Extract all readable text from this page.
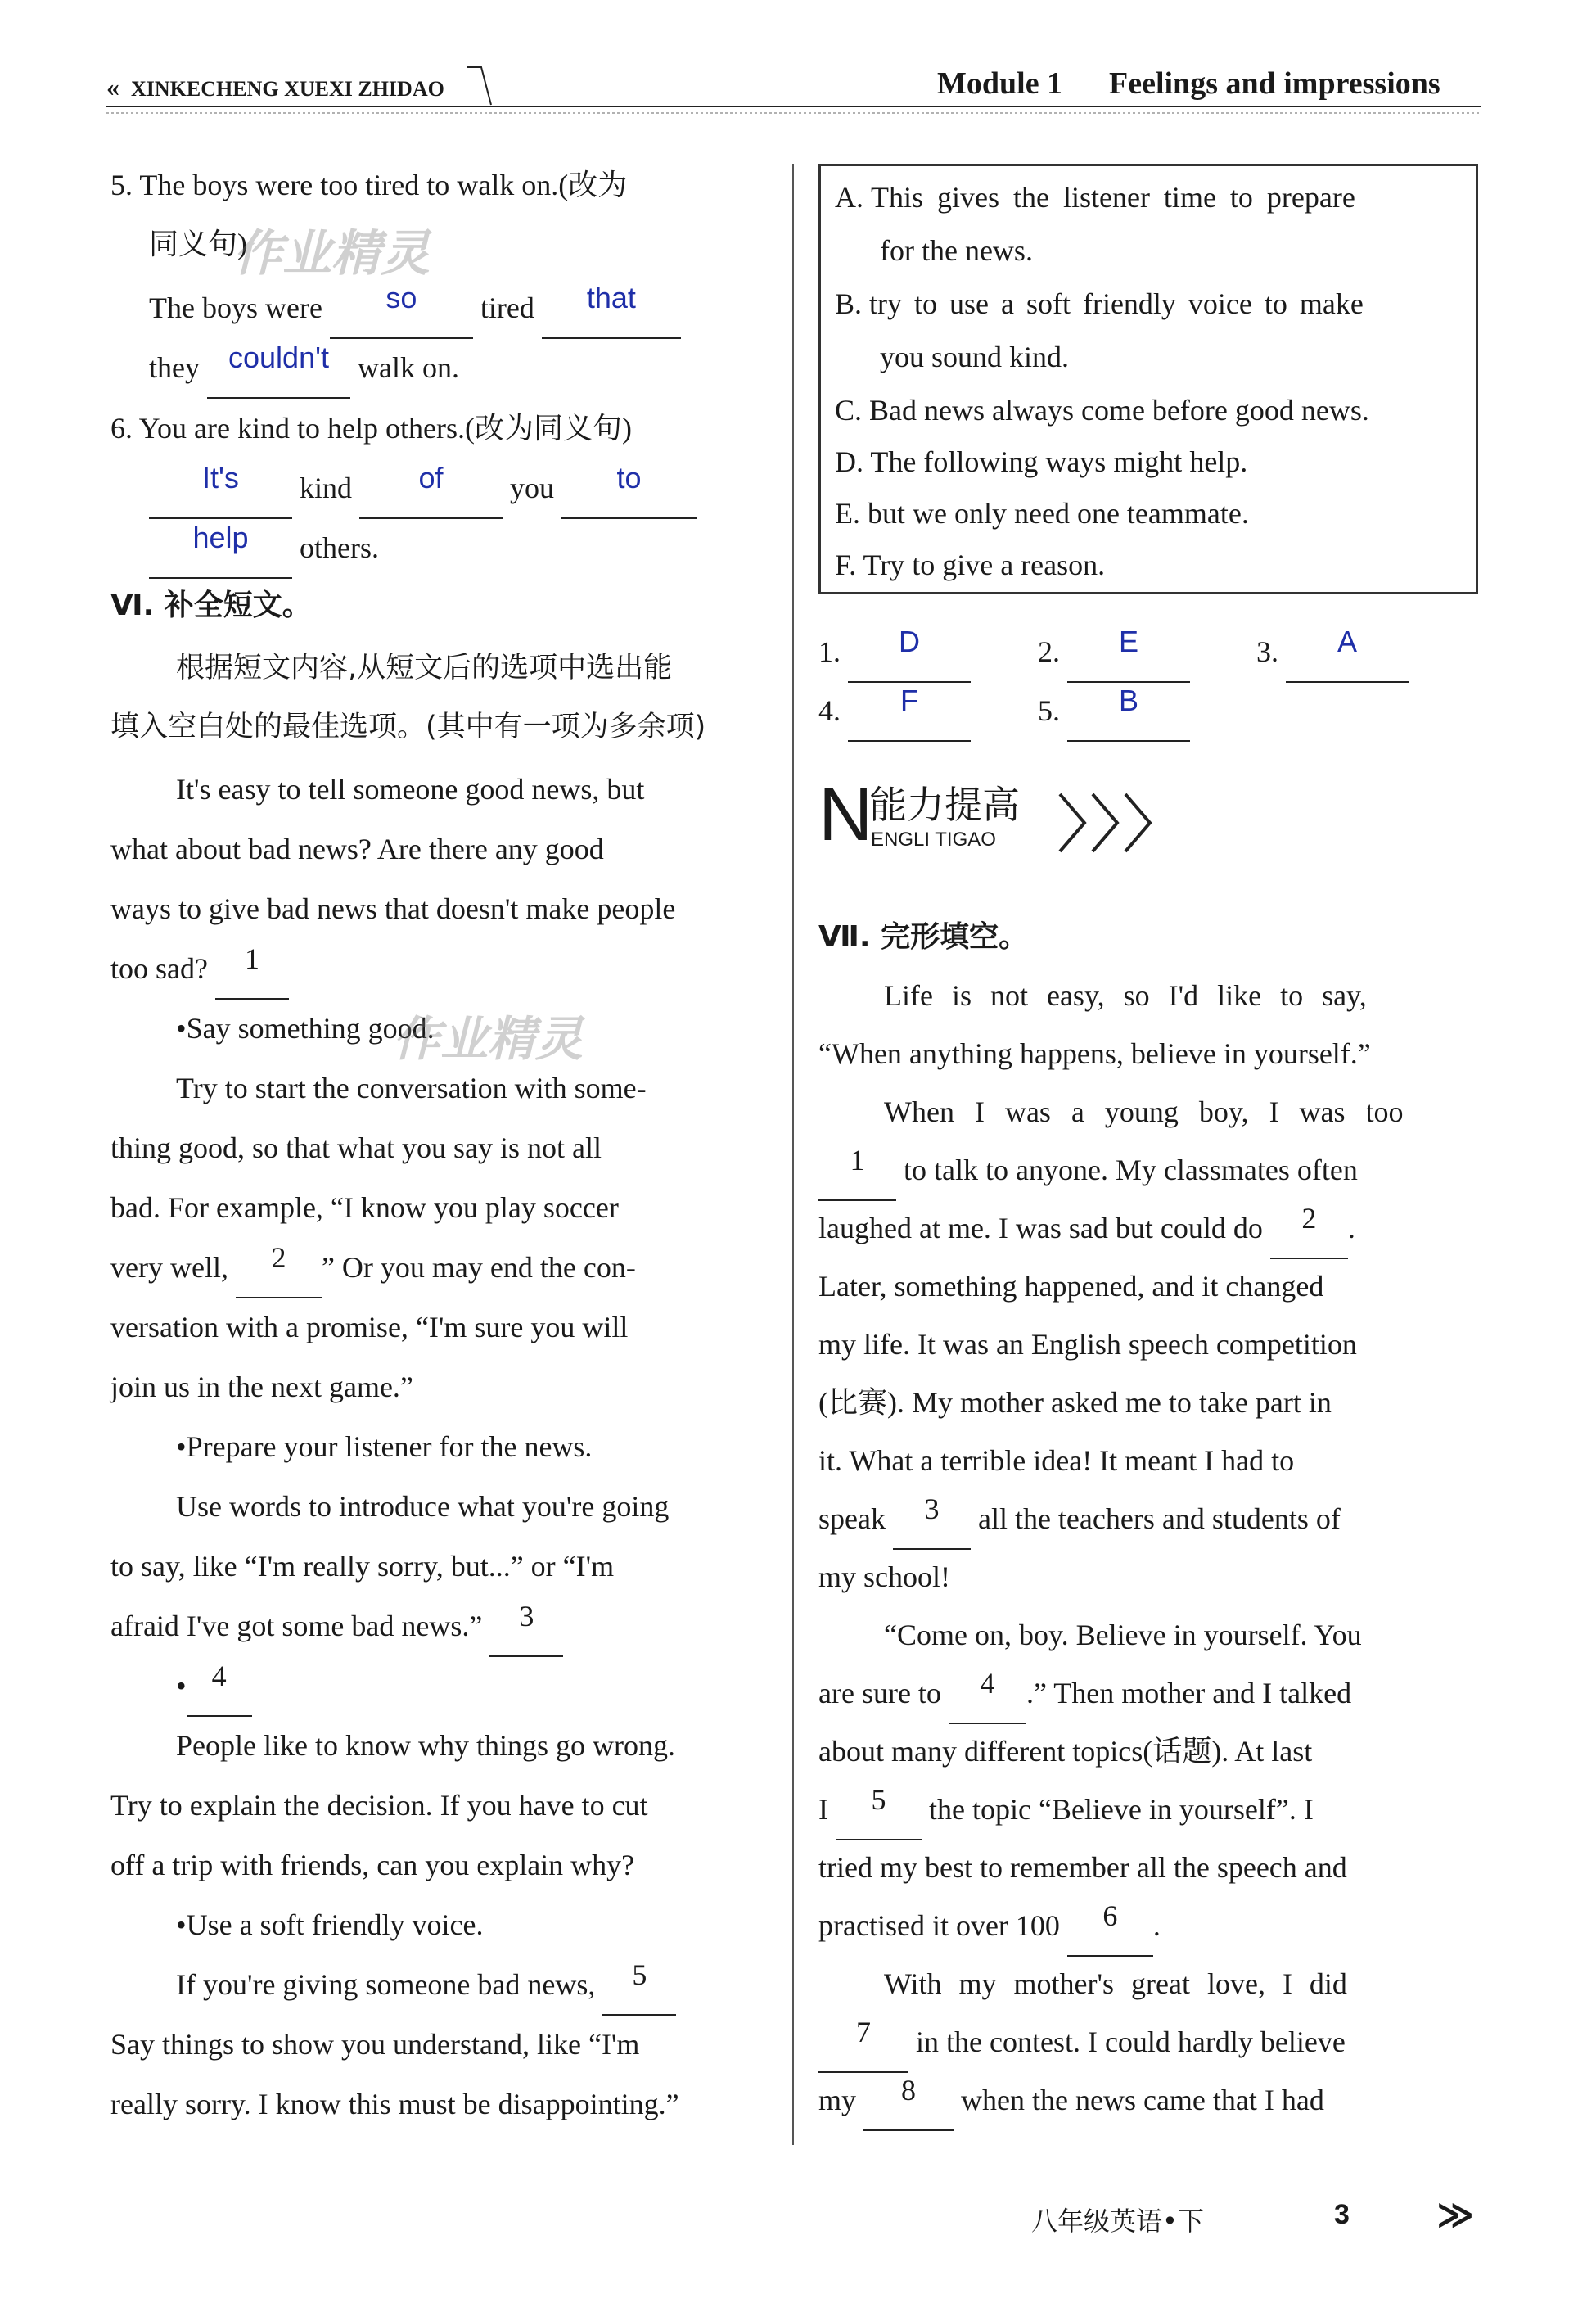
« XINKECHENG XUEXI ZHIDAO	Module 1 Feelings and impressions
5. The boys were too tired to walk on.(改为
同义句)
作业精灵
The boys were so tired that
they couldn't walk on.
6. You are kind to help others.(改为同义句)
It's kind of you to
help others.
Ⅵ. 补全短文。
根据短文内容,从短文后的选项中选出能
填入空白处的最佳选项。(其中有一项为多余项)
It's easy to tell someone good news, but
what about bad news? Are there any good
ways to give bad news that doesn't make people
too sad? 1
•Say something good.
作业精灵
Try to start the conversation with some-
thing good, so that what you say is not all
bad. For example, “I know you play soccer
very well, 2 ” Or you may end the con-
versation with a promise, “I'm sure you will
join us in the next game.”
•Prepare your listener for the news.
Use words to introduce what you're going
to say, like “I'm really sorry, but...” or “I'm
afraid I've got some bad news.” 3
• 4
People like to know why things go wrong.
Try to explain the decision. If you have to cut
off a trip with friends, can you explain why?
•Use a soft friendly voice.
If you're giving someone bad news, 5
Say things to show you understand, like “I'm
really sorry. I know this must be disappointing.”
A. This gives the listener time to prepare
for the news.
B. try to use a soft friendly voice to make
you sound kind.
C. Bad news always come before good news.
D. The following ways might help.
E. but we only need one teammate.
F. Try to give a reason.
1. D	2. E	3. A
4. F	5. B
N
能力提高
ENGLI TIGAO
Ⅶ. 完形填空。
Life is not easy, so I'd like to say,
“When anything happens, believe in yourself.”
When I was a young boy, I was too
1 to talk to anyone. My classmates often
laughed at me. I was sad but could do 2 .
Later, something happened, and it changed
my life. It was an English speech competition
(比赛). My mother asked me to take part in
it. What a terrible idea! It meant I had to
speak 3 all the teachers and students of
my school!
“Come on, boy. Believe in yourself. You
are sure to 4 .” Then mother and I talked
about many different topics(话题). At last
I 5 the topic “Believe in yourself”. I
tried my best to remember all the speech and
practised it over 100 6 .
With my mother's great love, I did
7 in the contest. I could hardly believe
my 8 when the news came that I had
八年级英语•下	3 ≫
